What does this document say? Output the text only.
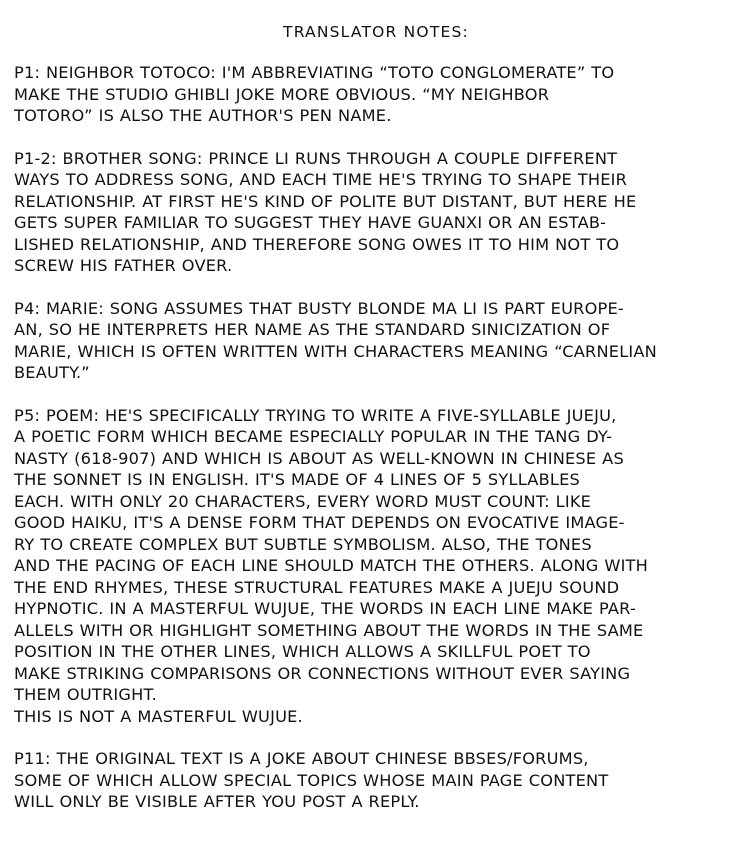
TRANSLATOR NOTES:
P1: NEIGHBOR TOTOCO: I'M ABBREVIATING “TOTO CONGLOMERATE” TO
MAKE THE STUDIO GHIBLI JOKE MORE OBVIOUS. “MY NEIGHBOR
TOTORO” IS ALSO THE AUTHOR'S PEN NAME.
P1-2: BROTHER SONG: PRINCE LI RUNS THROUGH A COUPLE DIFFERENT
WAYS TO ADDRESS SONG, AND EACH TIME HE'S TRYING TO SHAPE THEIR
RELATIONSHIP. AT FIRST HE'S KIND OF POLITE BUT DISTANT, BUT HERE HE
GETS SUPER FAMILIAR TO SUGGEST THEY HAVE GUANXI OR AN ESTAB-
LISHED RELATIONSHIP, AND THEREFORE SONG OWES IT TO HIM NOT TO
SCREW HIS FATHER OVER.
P4: MARIE: SONG ASSUMES THAT BUSTY BLONDE MA LI IS PART EUROPE-
AN, SO HE INTERPRETS HER NAME AS THE STANDARD SINICIZATION OF
MARIE, WHICH IS OFTEN WRITTEN WITH CHARACTERS MEANING “CARNELIAN
BEAUTY.”
P5: POEM: HE'S SPECIFICALLY TRYING TO WRITE A FIVE-SYLLABLE JUEJU,
A POETIC FORM WHICH BECAME ESPECIALLY POPULAR IN THE TANG DY-
NASTY (618-907) AND WHICH IS ABOUT AS WELL-KNOWN IN CHINESE AS
THE SONNET IS IN ENGLISH. IT'S MADE OF 4 LINES OF 5 SYLLABLES
EACH. WITH ONLY 20 CHARACTERS, EVERY WORD MUST COUNT: LIKE
GOOD HAIKU, IT'S A DENSE FORM THAT DEPENDS ON EVOCATIVE IMAGE-
RY TO CREATE COMPLEX BUT SUBTLE SYMBOLISM. ALSO, THE TONES
AND THE PACING OF EACH LINE SHOULD MATCH THE OTHERS. ALONG WITH
THE END RHYMES, THESE STRUCTURAL FEATURES MAKE A JUEJU SOUND
HYPNOTIC. IN A MASTERFUL WUJUE, THE WORDS IN EACH LINE MAKE PAR-
ALLELS WITH OR HIGHLIGHT SOMETHING ABOUT THE WORDS IN THE SAME
POSITION IN THE OTHER LINES, WHICH ALLOWS A SKILLFUL POET TO
MAKE STRIKING COMPARISONS OR CONNECTIONS WITHOUT EVER SAYING
THEM OUTRIGHT.
THIS IS NOT A MASTERFUL WUJUE.
P11: THE ORIGINAL TEXT IS A JOKE ABOUT CHINESE BBSES/FORUMS,
SOME OF WHICH ALLOW SPECIAL TOPICS WHOSE MAIN PAGE CONTENT
WILL ONLY BE VISIBLE AFTER YOU POST A REPLY.
